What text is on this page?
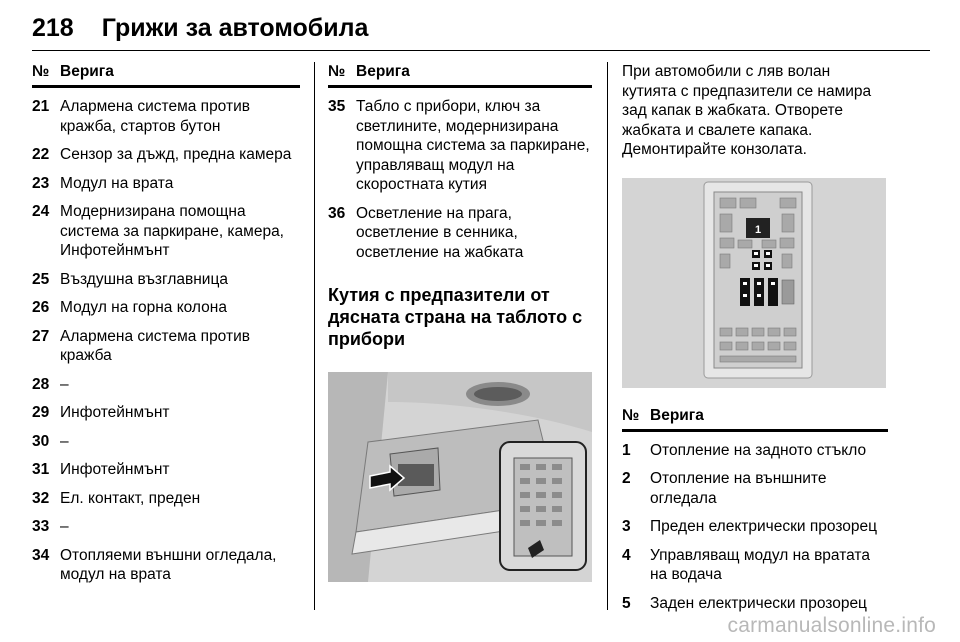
218 Грижи за автомобила
№ Верига
21 Алармена система против кражба, стартов бутон
22 Сензор за дъжд, предна камера
23 Модул на врата
24 Модернизирана помощна система за паркиране, камера, Инфотейнмънт
25 Въздушна възглавница
26 Модул на горна колона
27 Алармена система против кражба
28 –
29 Инфотейнмънт
30 –
31 Инфотейнмънт
32 Ел. контакт, преден
33 –
34 Отопляеми външни огледала, модул на врата
№ Верига
35 Табло с прибори, ключ за светлините, модернизирана помощна система за паркиране, управляващ модул на скоростната кутия
36 Осветление на прага, осветление в сенника, осветление на жабката
Кутия с предпазители от дясната страна на таблото с прибори
При автомобили с ляв волан кутията с предпазители се намира зад капак в жабката. Отворете жабката и свалете капака. Демонтирайте конзолата.
1
№ Верига
1	Отопление на задното стъкло
2	Отопление на външните огледала
3	Преден електрически прозорец
4	Управляващ модул на вратата на водача
5	Заден електрически прозорец
carmanualsonline.info
